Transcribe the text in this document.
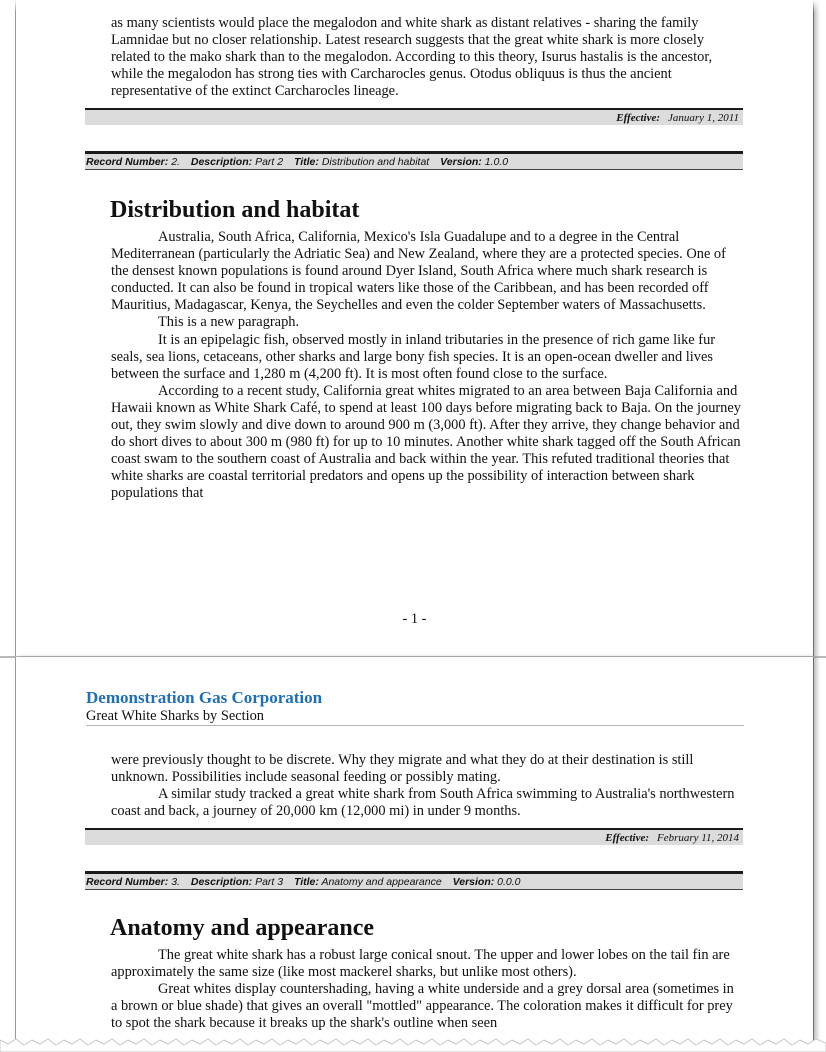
as many scientists would place the megalodon and white shark as distant relatives - sharing the family Lamnidae but no closer relationship. Latest research suggests that the great white shark is more closely related to the mako shark than to the megalodon. According to this theory, Isurus hastalis is the ancestor, while the megalodon has strong ties with Carcharocles genus. Otodus obliquus is thus the ancient representative of the extinct Carcharocles lineage.

Effective: January 1, 2011
Record Number: 2. Description: Part 2 Title: Distribution and habitat Version: 1.0.0
Distribution and habitat

Australia, South Africa, California, Mexico's Isla Guadalupe and to a degree in the Central Mediterranean (particularly the Adriatic Sea) and New Zealand, where they are a protected species. One of the densest known populations is found around Dyer Island, South Africa where much shark research is conducted. It can also be found in tropical waters like those of the Caribbean, and has been recorded off Mauritius, Madagascar, Kenya, the Seychelles and even the colder September waters of Massachusetts.

This is a new paragraph.

It is an epipelagic fish, observed mostly in inland tributaries in the presence of rich game like fur seals, sea lions, cetaceans, other sharks and large bony fish species. It is an open-ocean dweller and lives between the surface and 1,280 m (4,200 ft). It is most often found close to the surface.

According to a recent study, California great whites migrated to an area between Baja California and Hawaii known as White Shark Café, to spend at least 100 days before migrating back to Baja. On the journey out, they swim slowly and dive down to around 900 m (3,000 ft). After they arrive, they change behavior and do short dives to about 300 m (980 ft) for up to 10 minutes. Another white shark tagged off the South African coast swam to the southern coast of Australia and back within the year. This refuted traditional theories that white sharks are coastal territorial predators and opens up the possibility of interaction between shark populations that

- 1 -
Demonstration Gas Corporation
Great White Sharks by Section

were previously thought to be discrete. Why they migrate and what they do at their destination is still unknown. Possibilities include seasonal feeding or possibly mating.

A similar study tracked a great white shark from South Africa swimming to Australia's northwestern coast and back, a journey of 20,000 km (12,000 mi) in under 9 months.

Effective: February 11, 2014
Record Number: 3. Description: Part 3 Title: Anatomy and appearance Version: 0.0.0
Anatomy and appearance

The great white shark has a robust large conical snout. The upper and lower lobes on the tail fin are approximately the same size (like most mackerel sharks, but unlike most others).

Great whites display countershading, having a white underside and a grey dorsal area (sometimes in a brown or blue shade) that gives an overall "mottled" appearance. The coloration makes it difficult for prey to spot the shark because it breaks up the shark's outline when seen
